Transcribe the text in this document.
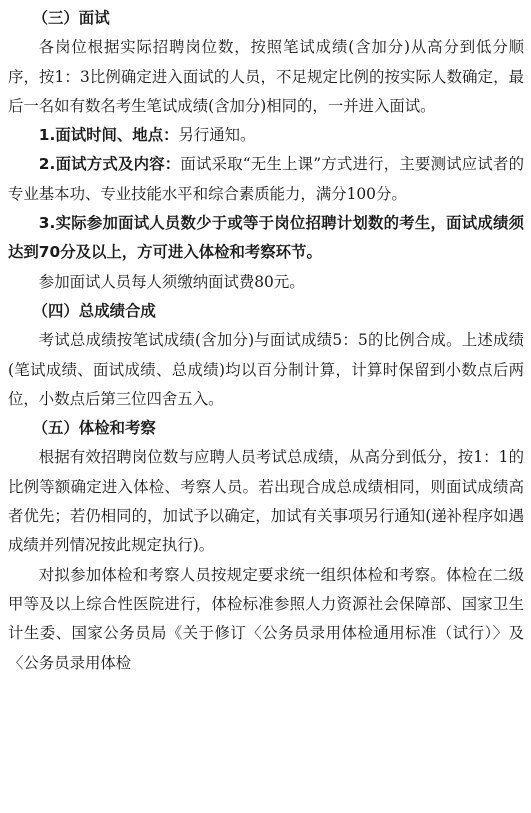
（三）面试

各岗位根据实际招聘岗位数，按照笔试成绩(含加分)从高分到低分顺序，按1：3比例确定进入面试的人员，不足规定比例的按实际人数确定，最后一名如有数名考生笔试成绩(含加分)相同的，一并进入面试。

1.面试时间、地点：另行通知。

2.面试方式及内容：面试采取“无生上课”方式进行，主要测试应试者的专业基本功、专业技能水平和综合素质能力，满分100分。

3.实际参加面试人员数少于或等于岗位招聘计划数的考生，面试成绩须达到70分及以上，方可进入体检和考察环节。

参加面试人员每人须缴纳面试费80元。

（四）总成绩合成

考试总成绩按笔试成绩(含加分)与面试成绩5：5的比例合成。上述成绩(笔试成绩、面试成绩、总成绩)均以百分制计算，计算时保留到小数点后两位，小数点后第三位四舍五入。

（五）体检和考察

根据有效招聘岗位数与应聘人员考试总成绩，从高分到低分，按1：1的比例等额确定进入体检、考察人员。若出现合成总成绩相同，则面试成绩高者优先；若仍相同的，加试予以确定，加试有关事项另行通知(递补程序如遇成绩并列情况按此规定执行)。

对拟参加体检和考察人员按规定要求统一组织体检和考察。体检在二级甲等及以上综合性医院进行，体检标准参照人力资源社会保障部、国家卫生计生委、国家公务员局《关于修订〈公务员录用体检通用标准（试行）〉及〈公务员录用体检
